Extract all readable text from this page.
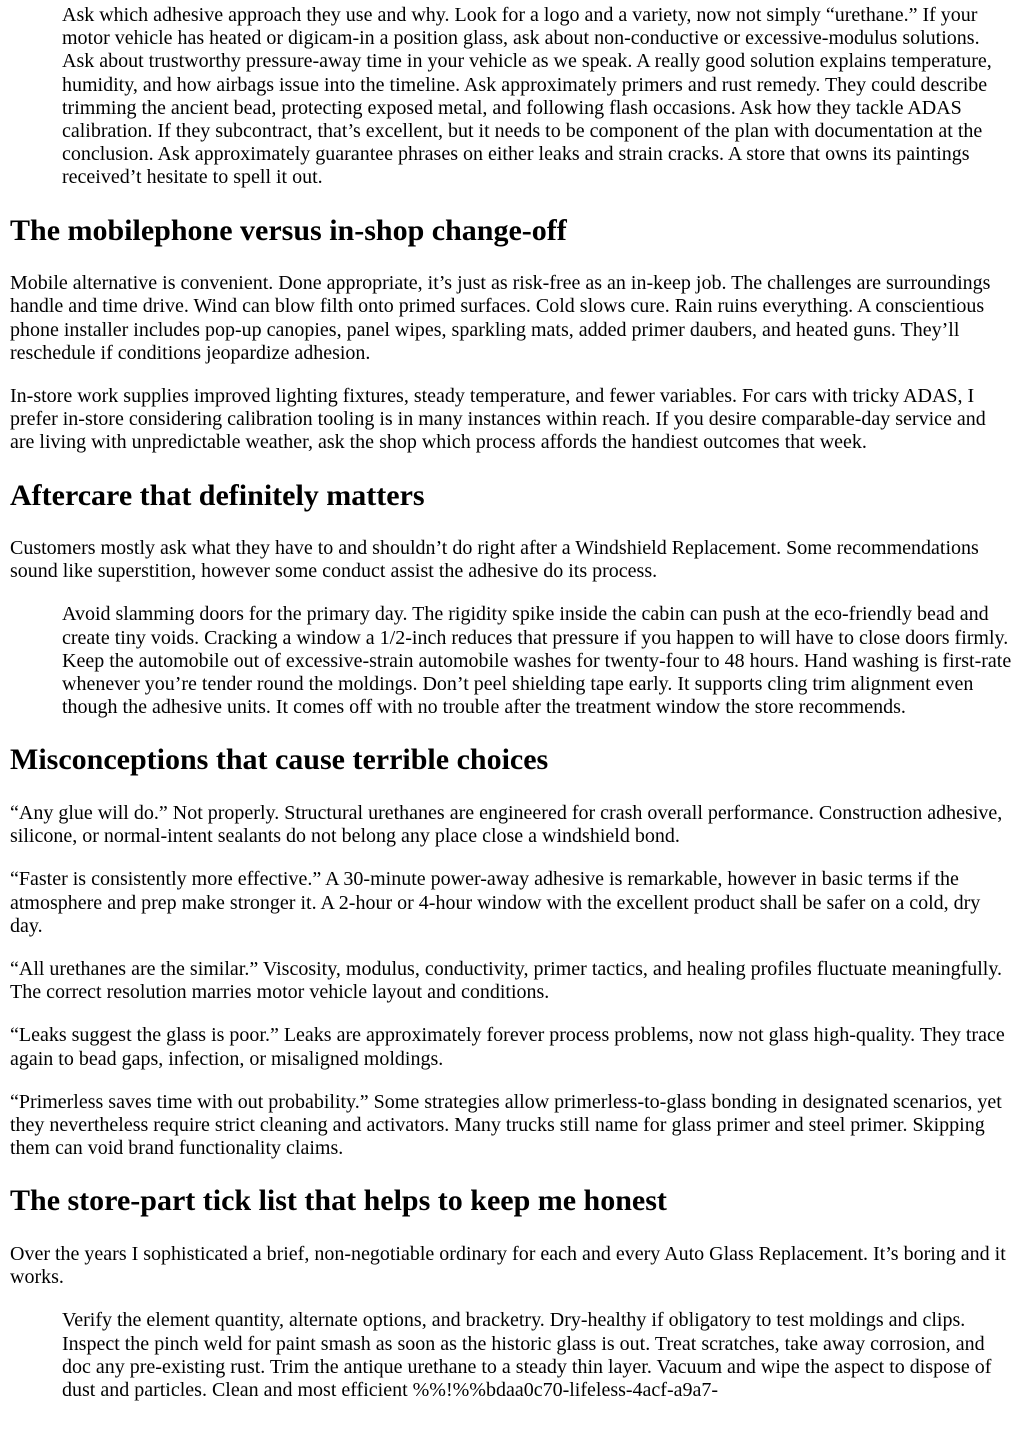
Ask which adhesive approach they use and why. Look for a logo and a variety, now not simply “urethane.” If your motor vehicle has heated or digicam-in a position glass, ask about non-conductive or excessive-modulus solutions. Ask about trustworthy pressure-away time in your vehicle as we speak. A really good solution explains temperature, humidity, and how airbags issue into the timeline. Ask approximately primers and rust remedy. They could describe trimming the ancient bead, protecting exposed metal, and following flash occasions. Ask how they tackle ADAS calibration. If they subcontract, that’s excellent, but it needs to be component of the plan with documentation at the conclusion. Ask approximately guarantee phrases on either leaks and strain cracks. A store that owns its paintings received’t hesitate to spell it out.

The mobilephone versus in-shop change-off

Mobile alternative is convenient. Done appropriate, it’s just as risk-free as an in-keep job. The challenges are surroundings handle and time drive. Wind can blow filth onto primed surfaces. Cold slows cure. Rain ruins everything. A conscientious phone installer includes pop-up canopies, panel wipes, sparkling mats, added primer daubers, and heated guns. They’ll reschedule if conditions jeopardize adhesion.

In-store work supplies improved lighting fixtures, steady temperature, and fewer variables. For cars with tricky ADAS, I prefer in-store considering calibration tooling is in many instances within reach. If you desire comparable-day service and are living with unpredictable weather, ask the shop which process affords the handiest outcomes that week.

Aftercare that definitely matters

Customers mostly ask what they have to and shouldn’t do right after a Windshield Replacement. Some recommendations sound like superstition, however some conduct assist the adhesive do its process.

Avoid slamming doors for the primary day. The rigidity spike inside the cabin can push at the eco-friendly bead and create tiny voids. Cracking a window a 1/2-inch reduces that pressure if you happen to will have to close doors firmly. Keep the automobile out of excessive-strain automobile washes for twenty-four to 48 hours. Hand washing is first-rate whenever you’re tender round the moldings. Don’t peel shielding tape early. It supports cling trim alignment even though the adhesive units. It comes off with no trouble after the treatment window the store recommends.

Misconceptions that cause terrible choices

“Any glue will do.” Not properly. Structural urethanes are engineered for crash overall performance. Construction adhesive, silicone, or normal-intent sealants do not belong any place close a windshield bond.

“Faster is consistently more effective.” A 30-minute power-away adhesive is remarkable, however in basic terms if the atmosphere and prep make stronger it. A 2-hour or 4-hour window with the excellent product shall be safer on a cold, dry day.

“All urethanes are the similar.” Viscosity, modulus, conductivity, primer tactics, and healing profiles fluctuate meaningfully. The correct resolution marries motor vehicle layout and conditions.

“Leaks suggest the glass is poor.” Leaks are approximately forever process problems, now not glass high-quality. They trace again to bead gaps, infection, or misaligned moldings.

“Primerless saves time with out probability.” Some strategies allow primerless-to-glass bonding in designated scenarios, yet they nevertheless require strict cleaning and activators. Many trucks still name for glass primer and steel primer. Skipping them can void brand functionality claims.

The store-part tick list that helps to keep me honest

Over the years I sophisticated a brief, non-negotiable ordinary for each and every Auto Glass Replacement. It’s boring and it works.

Verify the element quantity, alternate options, and bracketry. Dry-healthy if obligatory to test moldings and clips. Inspect the pinch weld for paint smash as soon as the historic glass is out. Treat scratches, take away corrosion, and doc any pre-existing rust. Trim the antique urethane to a steady thin layer. Vacuum and wipe the aspect to dispose of dust and particles. Clean and most efficient %%!%%bdaa0c70-lifeless-4acf-a9a7-
